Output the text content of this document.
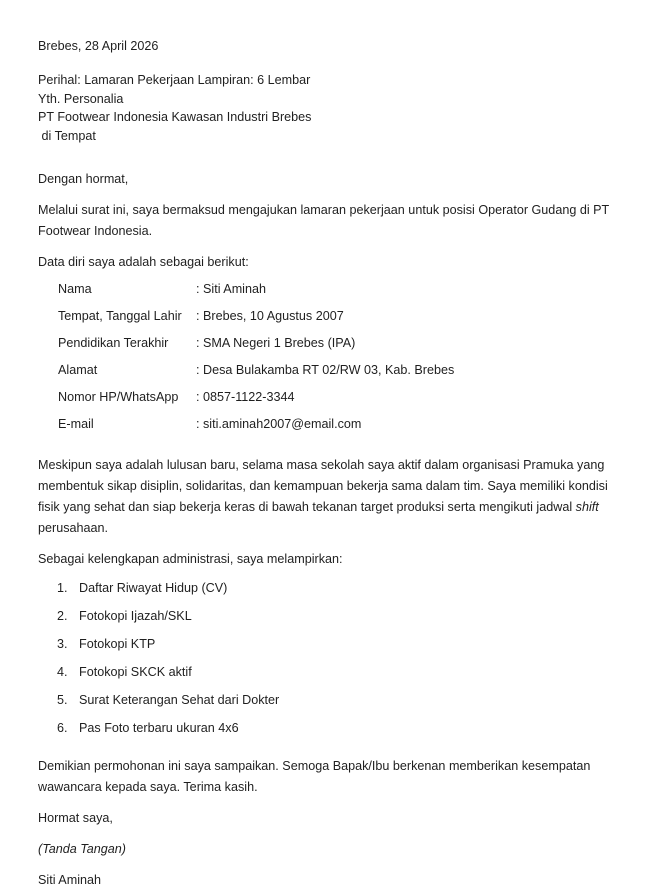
Brebes, 28 April 2026
Perihal: Lamaran Pekerjaan Lampiran: 6 Lembar
Yth. Personalia
PT Footwear Indonesia Kawasan Industri Brebes
di Tempat
Dengan hormat,
Melalui surat ini, saya bermaksud mengajukan lamaran pekerjaan untuk posisi Operator Gudang di PT Footwear Indonesia.
Data diri saya adalah sebagai berikut:
Nama	: Siti Aminah
Tempat, Tanggal Lahir	: Brebes, 10 Agustus 2007
Pendidikan Terakhir	: SMA Negeri 1 Brebes (IPA)
Alamat	: Desa Bulakamba RT 02/RW 03, Kab. Brebes
Nomor HP/WhatsApp	: 0857-1122-3344
E-mail	: siti.aminah2007@email.com

Meskipun saya adalah lulusan baru, selama masa sekolah saya aktif dalam organisasi Pramuka yang membentuk sikap disiplin, solidaritas, dan kemampuan bekerja sama dalam tim. Saya memiliki kondisi fisik yang sehat dan siap bekerja keras di bawah tekanan target produksi serta mengikuti jadwal shift perusahaan.

Sebagai kelengkapan administrasi, saya melampirkan:
1. Daftar Riwayat Hidup (CV)
2. Fotokopi Ijazah/SKL
3. Fotokopi KTP
4. Fotokopi SKCK aktif
5. Surat Keterangan Sehat dari Dokter
6. Pas Foto terbaru ukuran 4x6
Demikian permohonan ini saya sampaikan. Semoga Bapak/Ibu berkenan memberikan kesempatan wawancara kepada saya. Terima kasih.
Hormat saya,
(Tanda Tangan)
Siti Aminah
